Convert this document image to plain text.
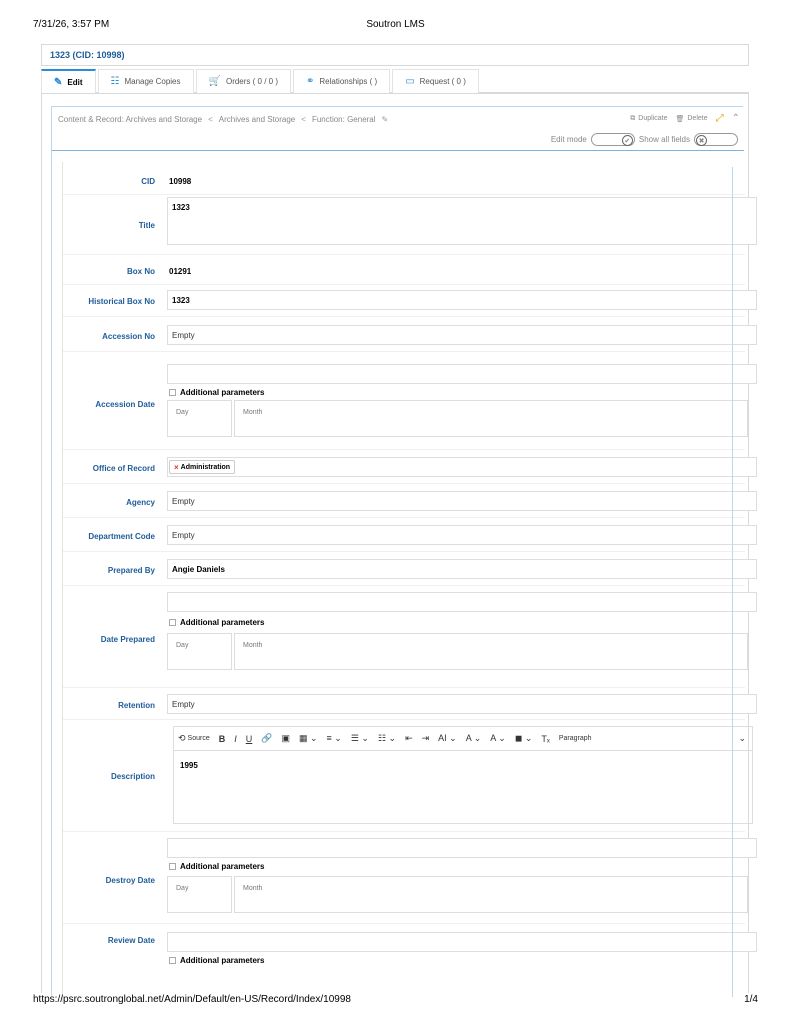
7/31/26, 3:57 PM	Soutron LMS
1323 (CID: 10998)
✎ Edit	☷ Manage Copies	🛒 Orders ( 0 / 0 )	⚭ Relationships ( )	▭ Request ( 0 )
Content & Record: Archives and Storage < Archives and Storage < Function: General ✎	⧉ Duplicate 🗑 Delete ⤢ ⌃
Edit mode	✔	Show all fields	✖
CID 10998
Title
1323
Box No 01291
Historical Box No 1323
Accession No Empty
Accession Date
Additional parameters
Day	Month
Office of Record × Administration
Agency Empty
Department Code Empty
Prepared By Angie Daniels
Date Prepared
Additional parameters
Day	Month
Retention Empty
Description
⟲ Source B I U 🔗 ▣ ▦ ⌄ ≡ ⌄ ☰ ⌄ ☷ ⌄ ⇤ ⇥ AI ⌄ A ⌄ A ⌄ ◼ ⌄ Tₓ Paragraph	⌄
1995
Destroy Date
Additional parameters
Day	Month
Review Date
Additional parameters
https://psrc.soutronglobal.net/Admin/Default/en-US/Record/Index/10998	1/4
